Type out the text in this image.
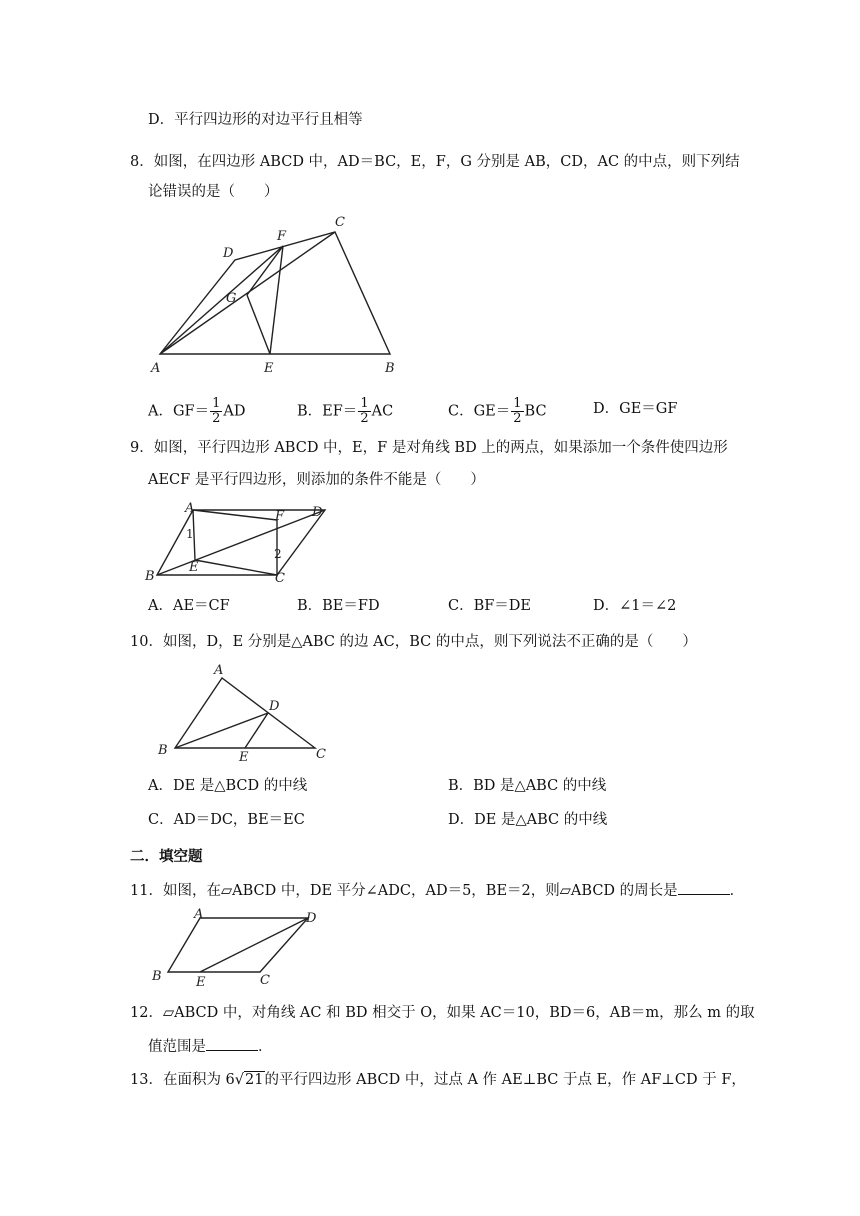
D．平行四边形的对边平行且相等
8．如图，在四边形 ABCD 中，AD＝BC，E，F，G 分别是 AB，CD，AC 的中点，则下列结
论错误的是（　　）
A	B
C
D
E
F
G
A．$GF= \frac{1}{2}$ AD	B．$EF= \frac{1}{2}$ AC	C．$GE= \frac{1}{2}$ BC	D．GE＝GF
9．如图，平行四边形 ABCD 中，E，F 是对角线 BD 上的两点，如果添加一个条件使四边形
AECF 是平行四边形，则添加的条件不能是（　　）
A	D
B	C
E
F
1
2
A．AE＝CF	B．BE＝FD	C．BF＝DE	D．∠1＝∠2
10．如图，D，E 分别是△ABC 的边 AC，BC 的中点，则下列说法不正确的是（　　）
A
B	C
D
E
A．DE 是△BCD 的中线	B．BD 是△ABC 的中线
C．AD＝DC，BE＝EC	D．DE 是△ABC 的中线
二．填空题
11．如图，在▱ABCD 中，DE 平分∠ADC，AD＝5，BE＝2，则▱ABCD 的周长是	．
A	D
B	C
E
12．▱ABCD 中，对角线 AC 和 BD 相交于 O，如果 AC＝10，BD＝6，AB＝m，那么 m 的取
值范围是	．
13．在面积为 6√21的平行四边形 ABCD 中，过点 A 作 AE⊥BC 于点 E，作 AF⊥CD 于 F，
